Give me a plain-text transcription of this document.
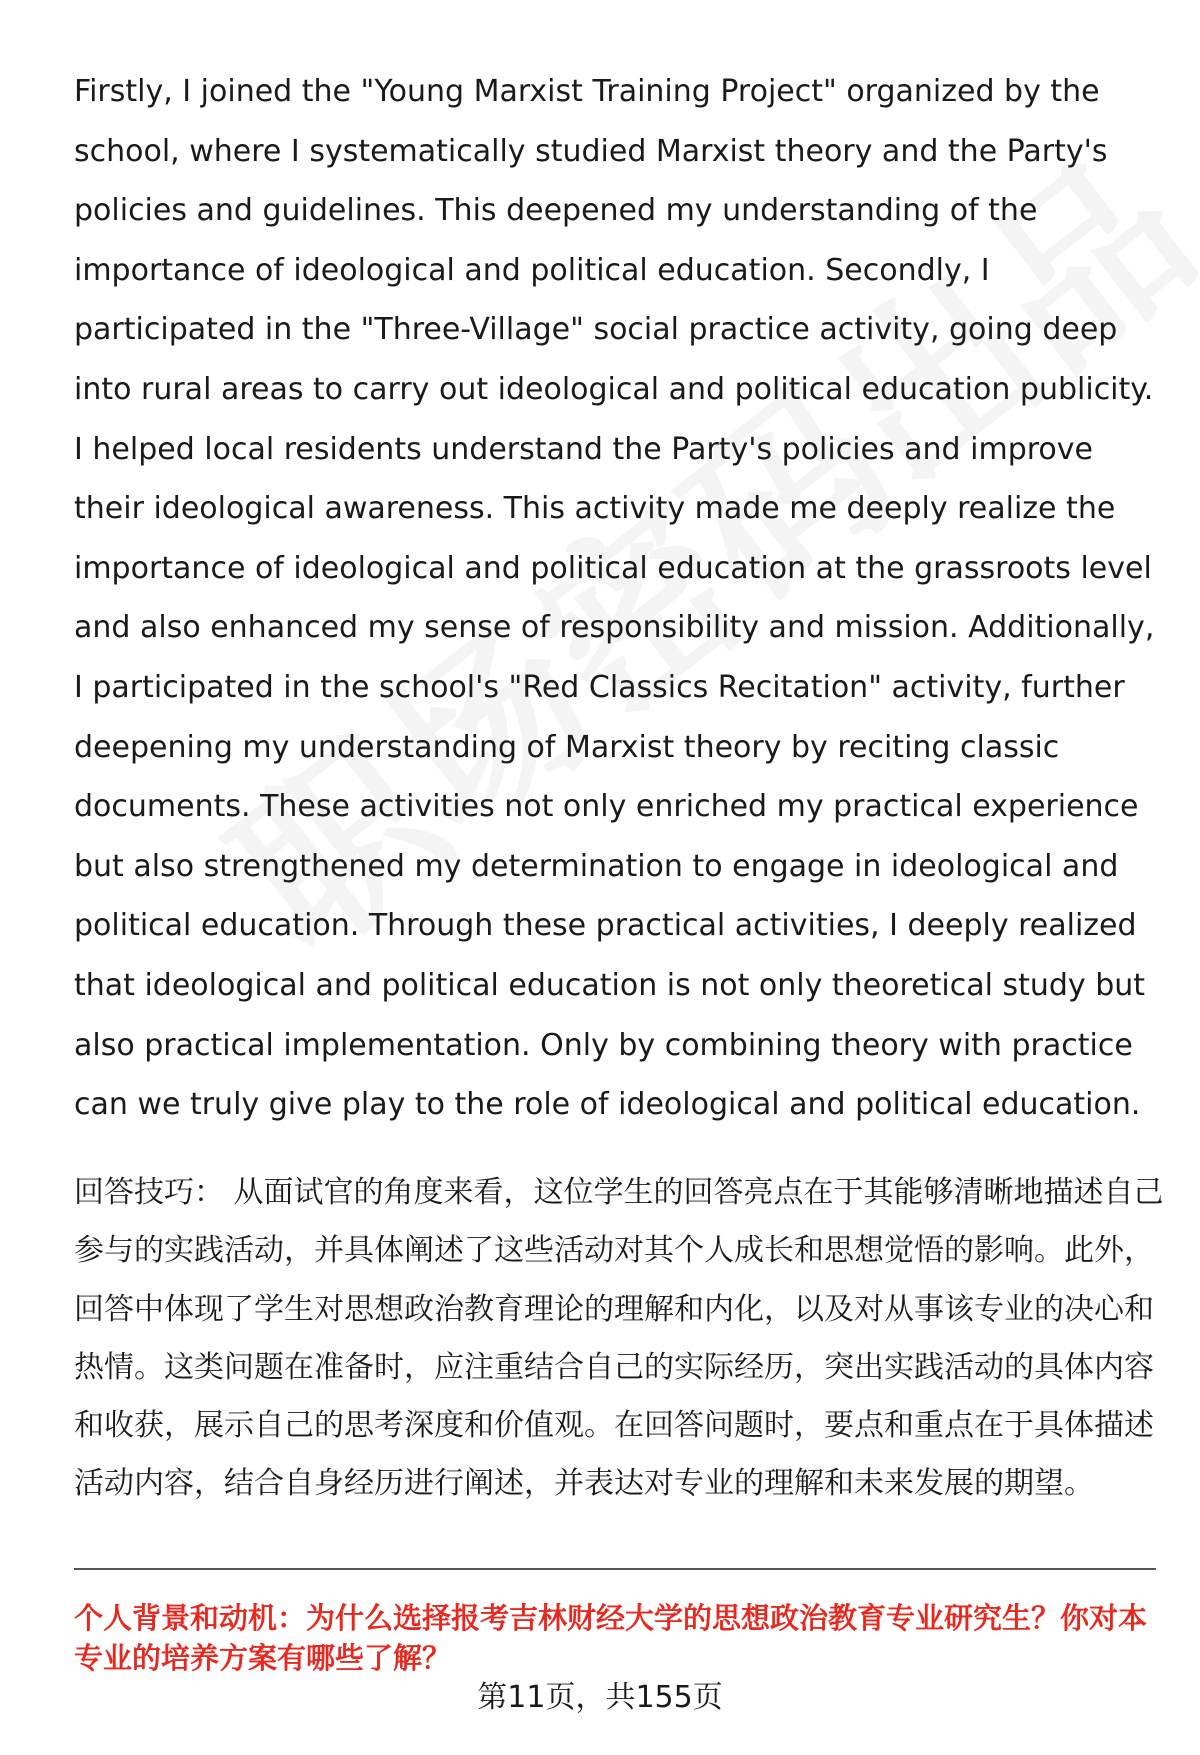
Firstly, I joined the "Young Marxist Training Project" organized by the school, where I systematically studied Marxist theory and the Party's policies and guidelines. This deepened my understanding of the importance of ideological and political education. Secondly, I participated in the "Three-Village" social practice activity, going deep into rural areas to carry out ideological and political education publicity. I helped local residents understand the Party's policies and improve their ideological awareness. This activity made me deeply realize the importance of ideological and political education at the grassroots level and also enhanced my sense of responsibility and mission. Additionally, I participated in the school's "Red Classics Recitation" activity, further deepening my understanding of Marxist theory by reciting classic documents. These activities not only enriched my practical experience but also strengthened my determination to engage in ideological and political education. Through these practical activities, I deeply realized that ideological and political education is not only theoretical study but also practical implementation. Only by combining theory with practice can we truly give play to the role of ideological and political education.

回答技巧： 从面试官的角度来看，这位学生的回答亮点在于其能够清晰地描述自己参与的实践活动，并具体阐述了这些活动对其个人成长和思想觉悟的影响。此外，回答中体现了学生对思想政治教育理论的理解和内化，以及对从事该专业的决心和热情。这类问题在准备时，应注重结合自己的实际经历，突出实践活动的具体内容和收获，展示自己的思考深度和价值观。在回答问题时，要点和重点在于具体描述活动内容，结合自身经历进行阐述，并表达对专业的理解和未来发展的期望。

个人背景和动机：为什么选择报考吉林财经大学的思想政治教育专业研究生？你对本专业的培养方案有哪些了解？

第11页，共155页
